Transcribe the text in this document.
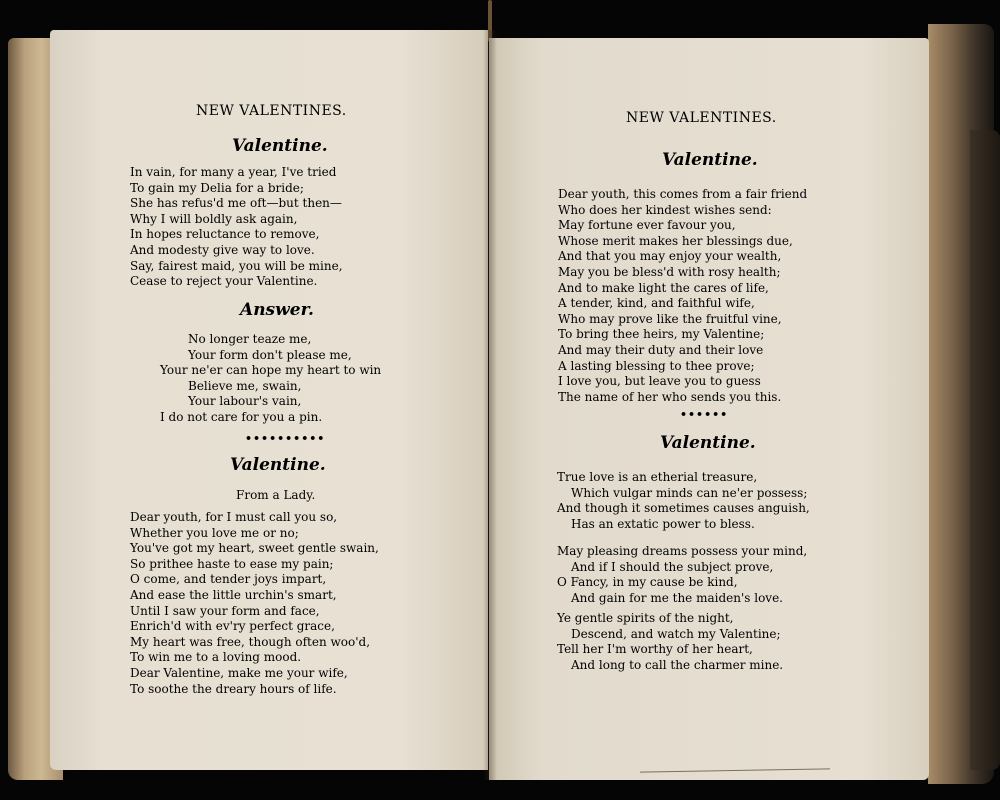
NEW VALENTINES.
Valentine.
In vain, for many a year, I've tried
To gain my Delia for a bride;
She has refus'd me oft—but then—
Why I will boldly ask again,
In hopes reluctance to remove,
And modesty give way to love.
Say, fairest maid, you will be mine,
Cease to reject your Valentine.
Answer.
No longer teaze me,
Your form don't please me,
Your ne'er can hope my heart to win
Believe me, swain,
Your labour's vain,
I do not care for you a pin.
••••••••••
Valentine.
From a Lady.
Dear youth, for I must call you so,
Whether you love me or no;
You've got my heart, sweet gentle swain,
So prithee haste to ease my pain;
O come, and tender joys impart,
And ease the little urchin's smart,
Until I saw your form and face,
Enrich'd with ev'ry perfect grace,
My heart was free, though often woo'd,
To win me to a loving mood.
Dear Valentine, make me your wife,
To soothe the dreary hours of life.
NEW VALENTINES.
Valentine.
Dear youth, this comes from a fair friend
Who does her kindest wishes send:
May fortune ever favour you,
Whose merit makes her blessings due,
And that you may enjoy your wealth,
May you be bless'd with rosy health;
And to make light the cares of life,
A tender, kind, and faithful wife,
Who may prove like the fruitful vine,
To bring thee heirs, my Valentine;
And may their duty and their love
A lasting blessing to thee prove;
I love you, but leave you to guess
The name of her who sends you this.
••••••
Valentine.
True love is an etherial treasure,
Which vulgar minds can ne'er possess;
And though it sometimes causes anguish,
Has an extatic power to bless.
May pleasing dreams possess your mind,
And if I should the subject prove,
O Fancy, in my cause be kind,
And gain for me the maiden's love.
Ye gentle spirits of the night,
Descend, and watch my Valentine;
Tell her I'm worthy of her heart,
And long to call the charmer mine.
